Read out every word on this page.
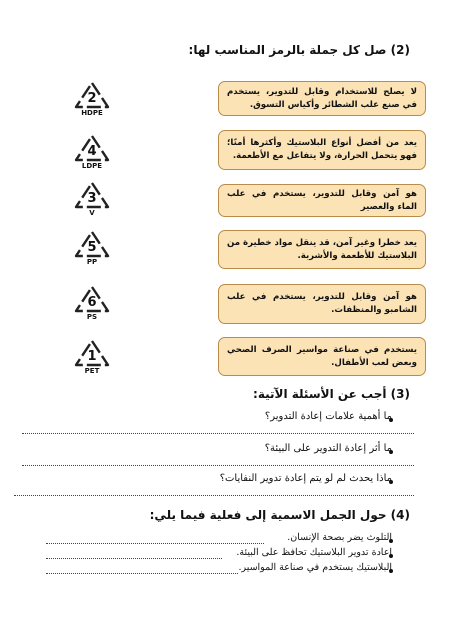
(2) صل كل جملة بالرمز المناسب لها:
لا يصلح للاستخدام وقابل للتدوير، يستخدم في صنع علب الشطائر وأكياس التسوق.
يعد من أفضل أنواع البلاستيك وأكثرها أمنًا؛ فهو يتحمل الحرارة، ولا يتفاعل مع الأطعمة.
هو آمن وقابل للتدوير، يستخدم في علب الماء والعصير
يعد خطرا وغير آمن، قد ينقل مواد خطيرة من البلاستيك للأطعمة والأشربة.
هو آمن وقابل للتدوير، يستخدم في علب الشامبو والمنظفات.
يستخدم في صناعة مواسير الصرف الصحي وبعض لعب الأطفال.
2
HDPE
4
LDPE
3
V
5
PP
6
PS
1
PET
(3) أجب عن الأسئلة الآتية:
ما أهمية علامات إعادة التدوير؟
ما أثر إعادة التدوير على البيئة؟
ماذا يحدث لم لو يتم إعادة تدوير النفايات؟
(4) حول الجمل الاسمية إلى فعلية فيما يلي:
التلوث يضر بصحة الإنسان.
إعادة تدوير البلاستيك تحافظ على البيئة.
البلاستيك يستخدم في صناعة المواسير.
